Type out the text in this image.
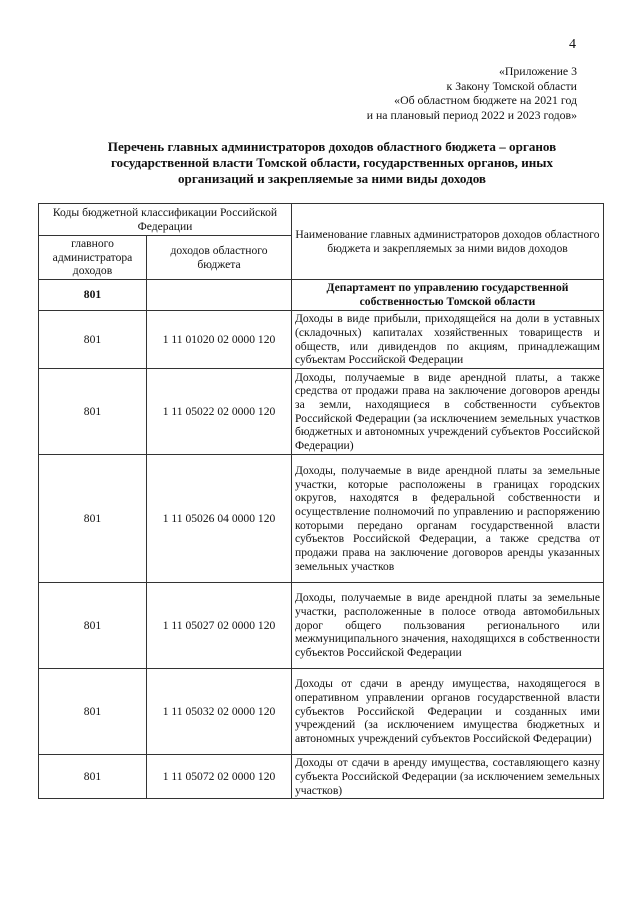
4
«Приложение 3
к Закону Томской области
«Об областном бюджете на 2021 год
и на плановый период 2022 и 2023 годов»
Перечень главных администраторов доходов областного бюджета – органов
государственной власти Томской области, государственных органов, иных
организаций и закрепляемые за ними виды доходов
Коды бюджетной классификации Российской Федерации		Наименование главных администраторов доходов областного бюджета и закрепляемых за ними видов доходов
главного администратора доходов	доходов областного бюджета	
801		Департамент по управлению государственной собственностью Томской области
801	1 11 01020 02 0000 120	Доходы в виде прибыли, приходящейся на доли в уставных (складочных) капиталах хозяйственных товариществ и обществ, или дивидендов по акциям, принадлежащим субъектам Российской Федерации
801	1 11 05022 02 0000 120	Доходы, получаемые в виде арендной платы, а также средства от продажи права на заключение договоров аренды за земли, находящиеся в собственности субъектов Российской Федерации (за исключением земельных участков бюджетных и автономных учреждений субъектов Российской Федерации)
801	1 11 05026 04 0000 120	Доходы, получаемые в виде арендной платы за земельные участки, которые расположены в границах городских округов, находятся в федеральной собственности и осуществление полномочий по управлению и распоряжению которыми передано органам государственной власти субъектов Российской Федерации, а также средства от продажи права на заключение договоров аренды указанных земельных участков
801	1 11 05027 02 0000 120	Доходы, получаемые в виде арендной платы за земельные участки, расположенные в полосе отвода автомобильных дорог общего пользования регионального или межмуниципального значения, находящихся в собственности субъектов Российской Федерации
801	1 11 05032 02 0000 120	Доходы от сдачи в аренду имущества, находящегося в оперативном управлении органов государственной власти субъектов Российской Федерации и созданных ими учреждений (за исключением имущества бюджетных и автономных учреждений субъектов Российской Федерации)
801	1 11 05072 02 0000 120	Доходы от сдачи в аренду имущества, составляющего казну субъекта Российской Федерации (за исключением земельных участков)
